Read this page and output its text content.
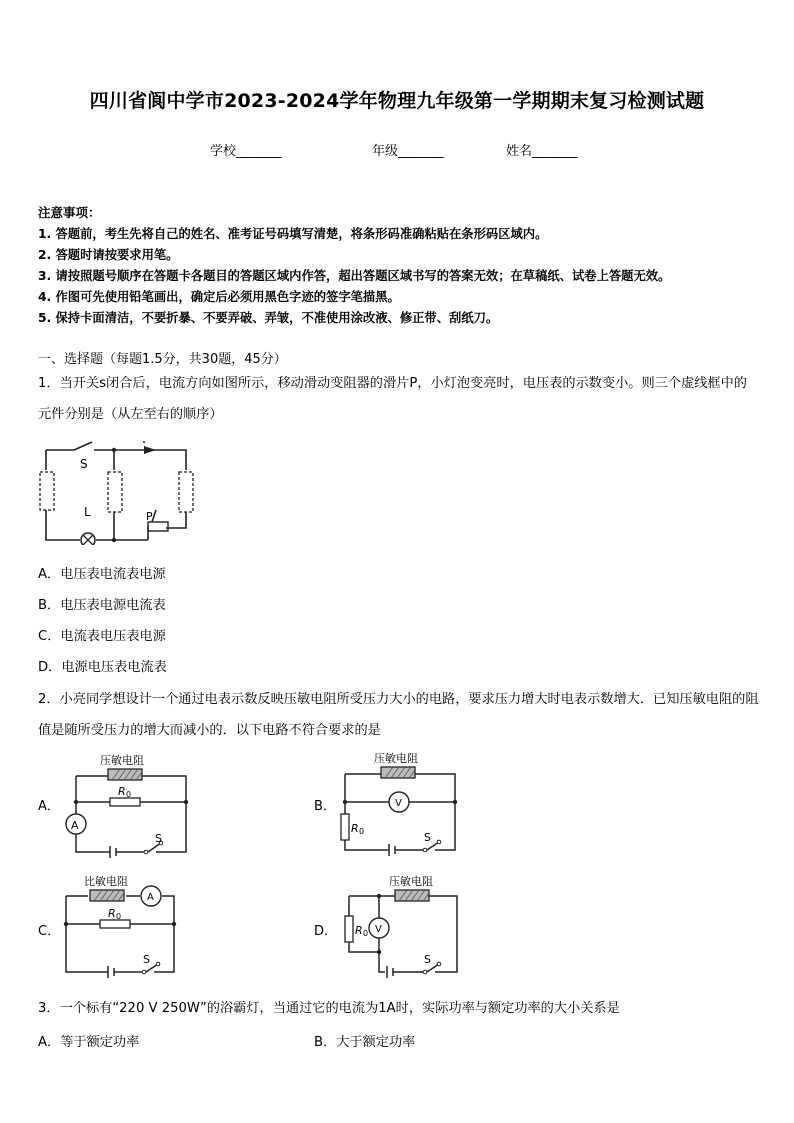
四川省阆中学市2023-2024学年物理九年级第一学期期末复习检测试题
学校_______	年级_______	姓名_______
注意事项：
1. 答题前，考生先将自己的姓名、准考证号码填写清楚，将条形码准确粘贴在条形码区域内。
2. 答题时请按要求用笔。
3. 请按照题号顺序在答题卡各题目的答题区域内作答，超出答题区域书写的答案无效；在草稿纸、试卷上答题无效。
4. 作图可先使用铅笔画出，确定后必须用黑色字迹的签字笔描黑。
5. 保持卡面清洁，不要折暴、不要弄破、弄皱，不准使用涂改液、修正带、刮纸刀。
一、选择题（每题1.5分，共30题，45分）
1．当开关s闭合后，电流方向如图所示，移动滑动变阻器的滑片P，小灯泡变亮时，电压表的示数变小。则三个虚线框中的元件分别是（从左至右的顺序）
S
L	P
A．电压表电流表电源
B．电压表电源电流表
C．电流表电压表电源
D．电源电压表电流表
2．小亮同学想设计一个通过电表示数反映压敏电阻所受压力大小的电路，要求压力增大时电表示数增大．已知压敏电阻的阻值是随所受压力的增大而减小的．以下电路不符合要求的是
A．	B．
C．	D．
压敏电阻
R 0
A
S
压敏电阻
V
R 0	S
比敏电阻
A
R 0
S
压敏电阻
V
R 0
S
3．一个标有“220 V 250W”的浴霸灯，当通过它的电流为1A时，实际功率与额定功率的大小关系是
A．等于额定功率	B．大于额定功率
